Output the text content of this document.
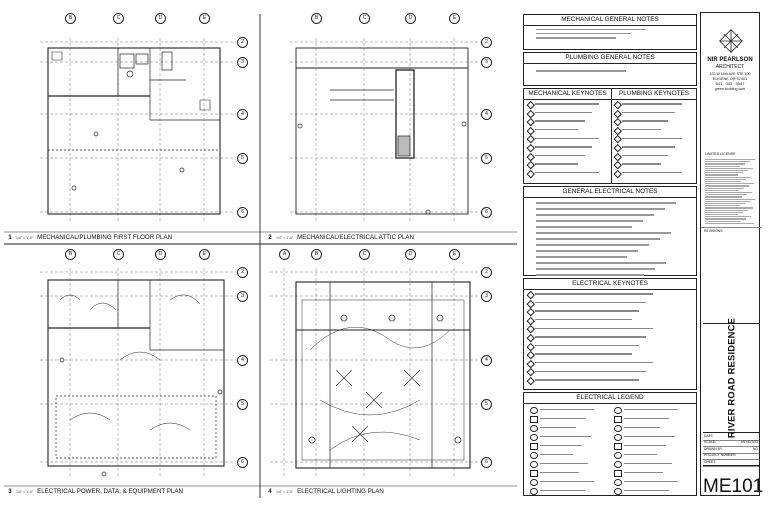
B	C	D	E
2
3
4
5
6
B	C	D	E
2
3
4
5
6
B	C	D	E
2
3
4
5
6
A	B	C	D	E
2
3
4
5
6
1 1/4" = 1'-0" MECHANICAL/PLUMBING FIRST FLOOR PLAN	2 1/4" = 1'-0" MECHANICAL/ELECTRICAL ATTIC PLAN
3 1/4" = 1'-0" ELECTRICAL POWER, DATA, & EQUIPMENT PLAN	4 1/4" = 1'-0" ELECTRICAL LIGHTING PLAN
MECHANICAL GENERAL NOTES
PLUMBING GENERAL NOTES
MECHANICAL KEYNOTES	PLUMBING KEYNOTES
GENERAL ELECTRICAL NOTES
ELECTRICAL KEYNOTES
ELECTRICAL LEGEND
NIR PEARLSON
ARCHITECT
433 W 10th AVE STE 100
EUGENE OR 97401
541 . 343 . 5547
green-building.com
LIMITED LICENSE
REVISIONS
RIVER ROAD RESIDENCE
DATE:
SCALE:	AS NOTED
DRAWN BY:	NG
PROJECT NUMBER:
SHEET:
ME101
